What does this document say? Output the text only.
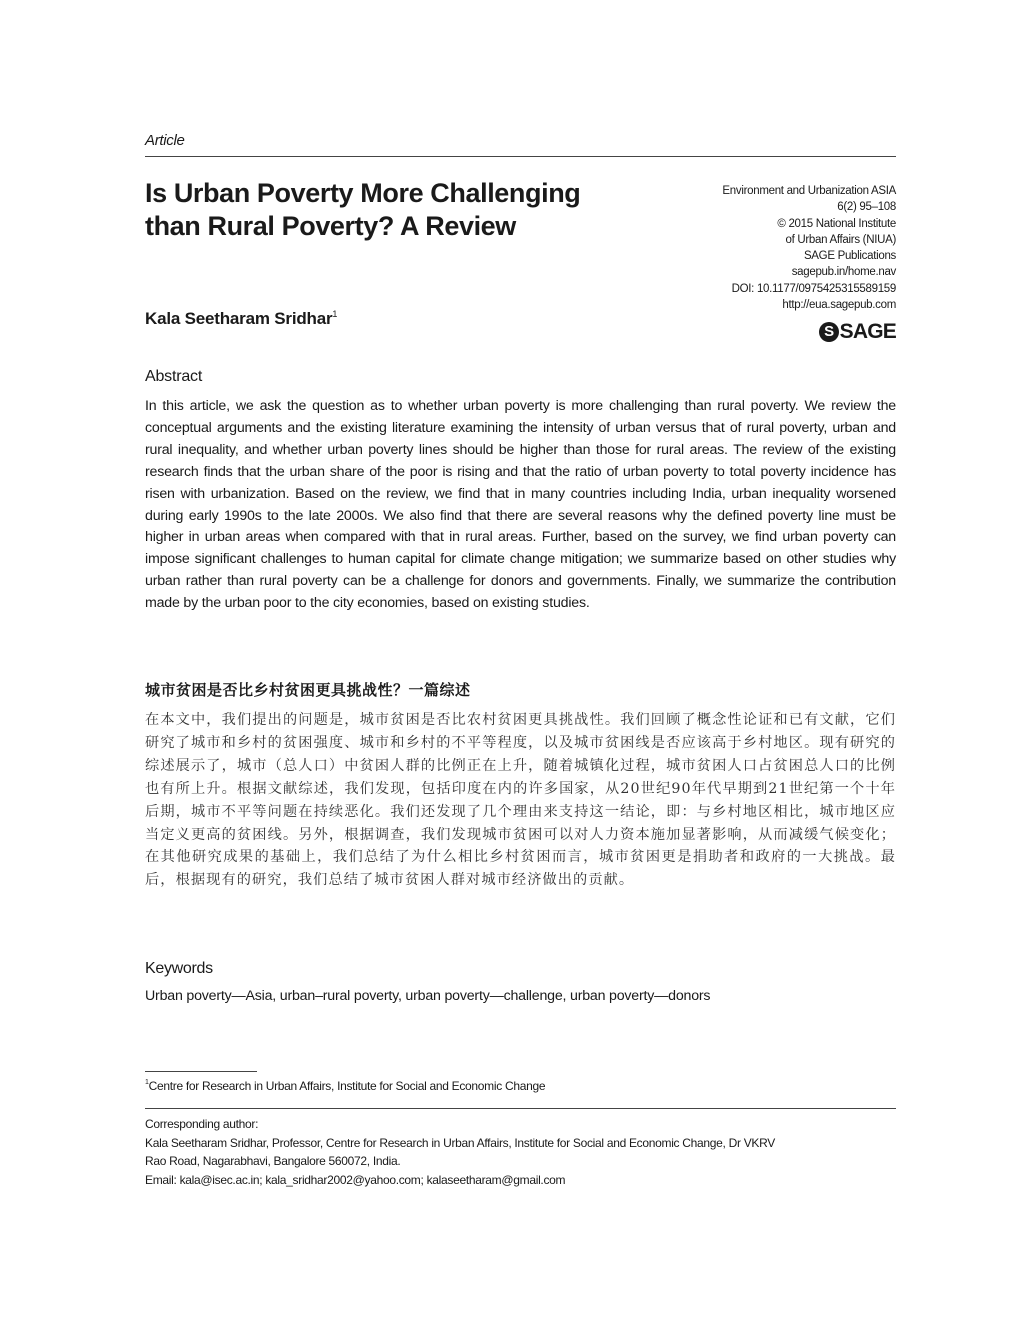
Article
Is Urban Poverty More Challenging
than Rural Poverty? A Review
Environment and Urbanization ASIA
6(2) 95–108
© 2015 National Institute
of Urban Affairs (NIUA)
SAGE Publications
sagepub.in/home.nav
DOI: 10.1177/0975425315589159
http://eua.sagepub.com
S SAGE
Kala Seetharam Sridhar$^1$
Abstract

In this article, we ask the question as to whether urban poverty is more challenging than rural poverty. We review the conceptual arguments and the existing literature examining the intensity of urban versus that of rural poverty, urban and rural inequality, and whether urban poverty lines should be higher than those for rural areas. The review of the existing research finds that the urban share of the poor is rising and that the ratio of urban poverty to total poverty incidence has risen with urbanization. Based on the review, we find that in many countries including India, urban inequality worsened during early 1990s to the late 2000s. We also find that there are several reasons why the defined poverty line must be higher in urban areas when compared with that in rural areas. Further, based on the survey, we find urban poverty can impose significant challenges to human capital for climate change mitigation; we summarize based on other studies why urban rather than rural poverty can be a challenge for donors and governments. Finally, we summarize the contribution made by the urban poor to the city economies, based on existing studies.

城市贫困是否比乡村贫困更具挑战性？一篇综述

在本文中，我们提出的问题是，城市贫困是否比农村贫困更具挑战性。我们回顾了概念性论证和已有文献，它们研究了城市和乡村的贫困强度、城市和乡村的不平等程度，以及城市贫困线是否应该高于乡村地区。现有研究的综述展示了，城市（总人口）中贫困人群的比例正在上升，随着城镇化过程，城市贫困人口占贫困总人口的比例也有所上升。根据文献综述，我们发现，包括印度在内的许多国家，从20世纪90年代早期到21世纪第一个十年后期，城市不平等问题在持续恶化。我们还发现了几个理由来支持这一结论，即：与乡村地区相比，城市地区应当定义更高的贫困线。另外，根据调查，我们发现城市贫困可以对人力资本施加显著影响，从而减缓气候变化；在其他研究成果的基础上，我们总结了为什么相比乡村贫困而言，城市贫困更是捐助者和政府的一大挑战。最后，根据现有的研究，我们总结了城市贫困人群对城市经济做出的贡献。

Keywords
Urban poverty—Asia, urban–rural poverty, urban poverty—challenge, urban poverty—donors
$^1$Centre for Research in Urban Affairs, Institute for Social and Economic Change
Corresponding author:
Kala Seetharam Sridhar, Professor, Centre for Research in Urban Affairs, Institute for Social and Economic Change, Dr VKRV
Rao Road, Nagarabhavi, Bangalore 560072, India.
Email: kala@isec.ac.in; kala_sridhar2002@yahoo.com; kalaseetharam@gmail.com
